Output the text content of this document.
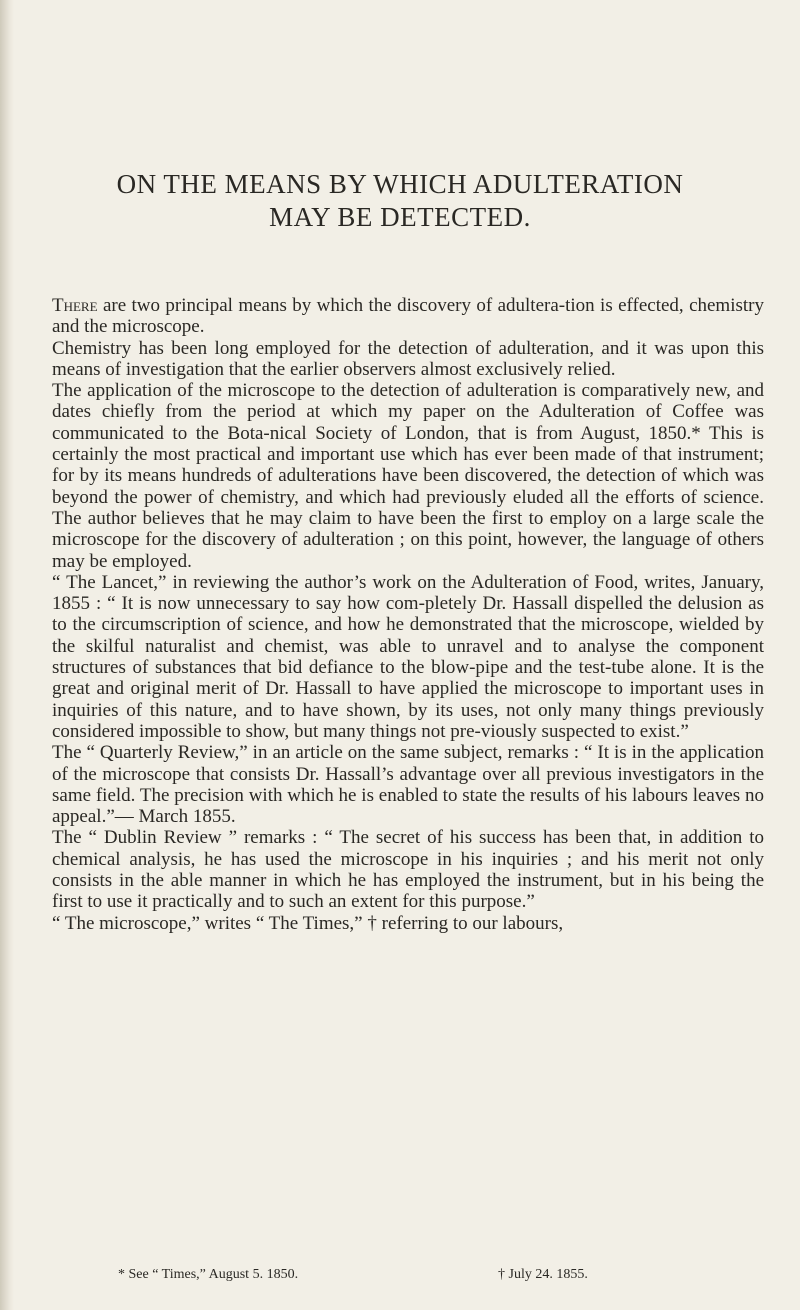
ON THE MEANS BY WHICH ADULTERATION
MAY BE DETECTED.

There are two principal means by which the discovery of adultera-tion is effected, chemistry and the microscope.

Chemistry has been long employed for the detection of adulteration, and it was upon this means of investigation that the earlier observers almost exclusively relied.

The application of the microscope to the detection of adulteration is comparatively new, and dates chiefly from the period at which my paper on the Adulteration of Coffee was communicated to the Bota-nical Society of London, that is from August, 1850.* This is certainly the most practical and important use which has ever been made of that instrument; for by its means hundreds of adulterations have been discovered, the detection of which was beyond the power of chemistry, and which had previously eluded all the efforts of science. The author believes that he may claim to have been the first to employ on a large scale the microscope for the discovery of adulteration ; on this point, however, the language of others may be employed.

“ The Lancet,” in reviewing the author’s work on the Adulteration of Food, writes, January, 1855 : “ It is now unnecessary to say how com-pletely Dr. Hassall dispelled the delusion as to the circumscription of science, and how he demonstrated that the microscope, wielded by the skilful naturalist and chemist, was able to unravel and to analyse the component structures of substances that bid defiance to the blow-pipe and the test-tube alone. It is the great and original merit of Dr. Hassall to have applied the microscope to important uses in inquiries of this nature, and to have shown, by its uses, not only many things previously considered impossible to show, but many things not pre-viously suspected to exist.”

The “ Quarterly Review,” in an article on the same subject, remarks : “ It is in the application of the microscope that consists Dr. Hassall’s advantage over all previous investigators in the same field. The precision with which he is enabled to state the results of his labours leaves no appeal.”— March 1855.

The “ Dublin Review ” remarks : “ The secret of his success has been that, in addition to chemical analysis, he has used the microscope in his inquiries ; and his merit not only consists in the able manner in which he has employed the instrument, but in his being the first to use it practically and to such an extent for this purpose.”

“ The microscope,” writes “ The Times,” † referring to our labours,

* See “ Times,” August 5. 1850.	† July 24. 1855.
